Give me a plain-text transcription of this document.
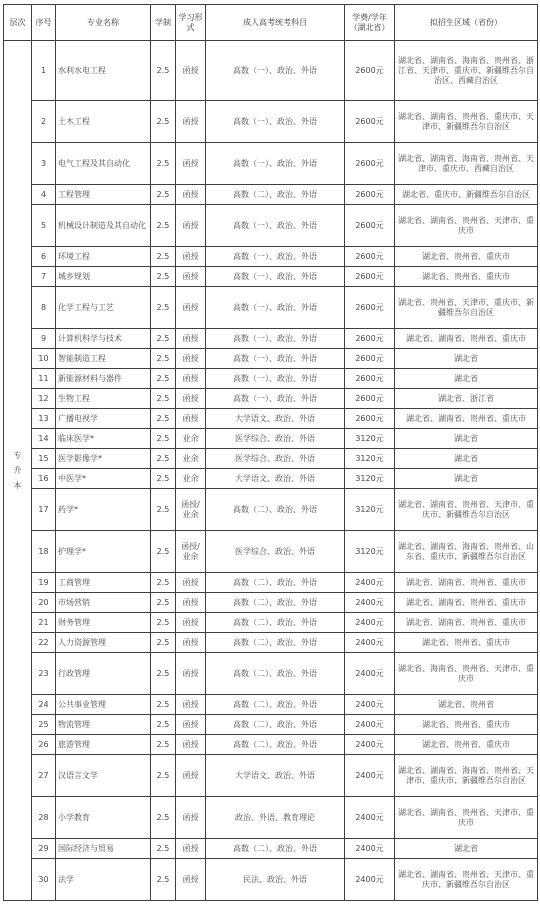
层次	序号	专业名称	学制	学习形式	成人高考统考科目	学费/学年（湖北省）	拟招生区域（省份）

专
升
本	1	水利水电工程	2.5	函授	高数（一）、政治、外语	2600元	湖北省、湖南省、海南省、贵州省、浙江省、天津市、重庆市、新疆维吾尔自治区、西藏自治区
	2	土木工程	2.5	函授	高数（一）、政治、外语	2600元	湖北省、湖南省、贵州省、重庆市、天津市、新疆维吾尔自治区
	3	电气工程及其自动化	2.5	函授	高数（一）、政治、外语	2600元	湖北省、湖南省、海南省、贵州省、天津市、重庆市、西藏自治区
	4	工程管理	2.5	函授	高数（二）、政治、外语	2600元	湖北省、重庆市、新疆维吾尔自治区
	5	机械设计制造及其自动化	2.5	函授	高数（一）、政治、外语	2600元	湖北省、湖南省、贵州省、天津市、重庆市
	6	环境工程	2.5	函授	高数（一）、政治、外语	2600元	湖北省、贵州省、重庆市
	7	城乡规划	2.5	函授	高数（一）、政治、外语	2600元	湖北省、贵州省、重庆市
	8	化学工程与工艺	2.5	函授	高数（一）、政治、外语	2600元	湖北省、贵州省、天津市、重庆市、新疆维吾尔自治区
	9	计算机科学与技术	2.5	函授	高数（一）、政治、外语	2600元	湖北省、湖南省、贵州省、重庆市
	10	智能制造工程	2.5	函授	高数（一）、政治、外语	2600元	湖北省
	11	新能源材料与器件	2.5	函授	高数（一）、政治、外语	2600元	湖北省
	12	生物工程	2.5	函授	高数（一）、政治、外语	2600元	湖北省、浙江省
	13	广播电视学	2.5	函授	大学语文、政治、外语	2600元	湖北省、湖南省、贵州省、重庆市
	14	临床医学*	2.5	业余	医学综合、政治、外语	3120元	湖北省
	15	医学影像学*	2.5	业余	医学综合、政治、外语	3120元	湖北省
	16	中医学*	2.5	业余	大学语文、政治、外语	3120元	湖北省
	17	药学*	2.5	函授/业余	高数（二）、政治、外语	3120元	湖北省、湖南省、贵州省、天津市、重庆市、新疆维吾尔自治区
	18	护理学*	2.5	函授/业余	医学综合、政治、外语	3120元	湖北省、湖南省、海南省、贵州省、山东省、重庆市、新疆维吾尔自治区
	19	工商管理	2.5	函授	高数（二）、政治、外语	2400元	湖北省、湖南省、贵州省、重庆市
	20	市场营销	2.5	函授	高数（二）、政治、外语	2400元	湖北省、湖南省、贵州省、重庆市
	21	财务管理	2.5	函授	高数（二）、政治、外语	2400元	湖北省、湖南省、贵州省、重庆市
	22	人力资源管理	2.5	函授	高数（二）、政治、外语	2400元	湖北省、贵州省、重庆市
	23	行政管理	2.5	函授	高数（二）、政治、外语	2400元	湖北省、海南省、贵州省、天津市、重庆市
	24	公共事业管理	2.5	函授	高数（二）、政治、外语	2400元	湖北省、贵州省
	25	物流管理	2.5	函授	高数（二）、政治、外语	2400元	湖北省、贵州省、重庆市
	26	旅游管理	2.5	函授	高数（二）、政治、外语	2400元	湖北省、贵州省、重庆市
	27	汉语言文学	2.5	函授	大学语文、政治、外语	2400元	湖北省、湖南省、海南省、贵州省、天津市、重庆市、新疆维吾尔自治区
	28	小学教育	2.5	函授	政治、外语、教育理论	2400元	湖北省、湖南省、贵州省、天津市、重庆市
	29	国际经济与贸易	2.5	函授	高数（二）、政治、外语	2400元	湖北省
	30	法学	2.5	函授	民法、政治、外语	2400元	湖北省、湖南省、贵州省、天津市、重庆市、新疆维吾尔自治区
